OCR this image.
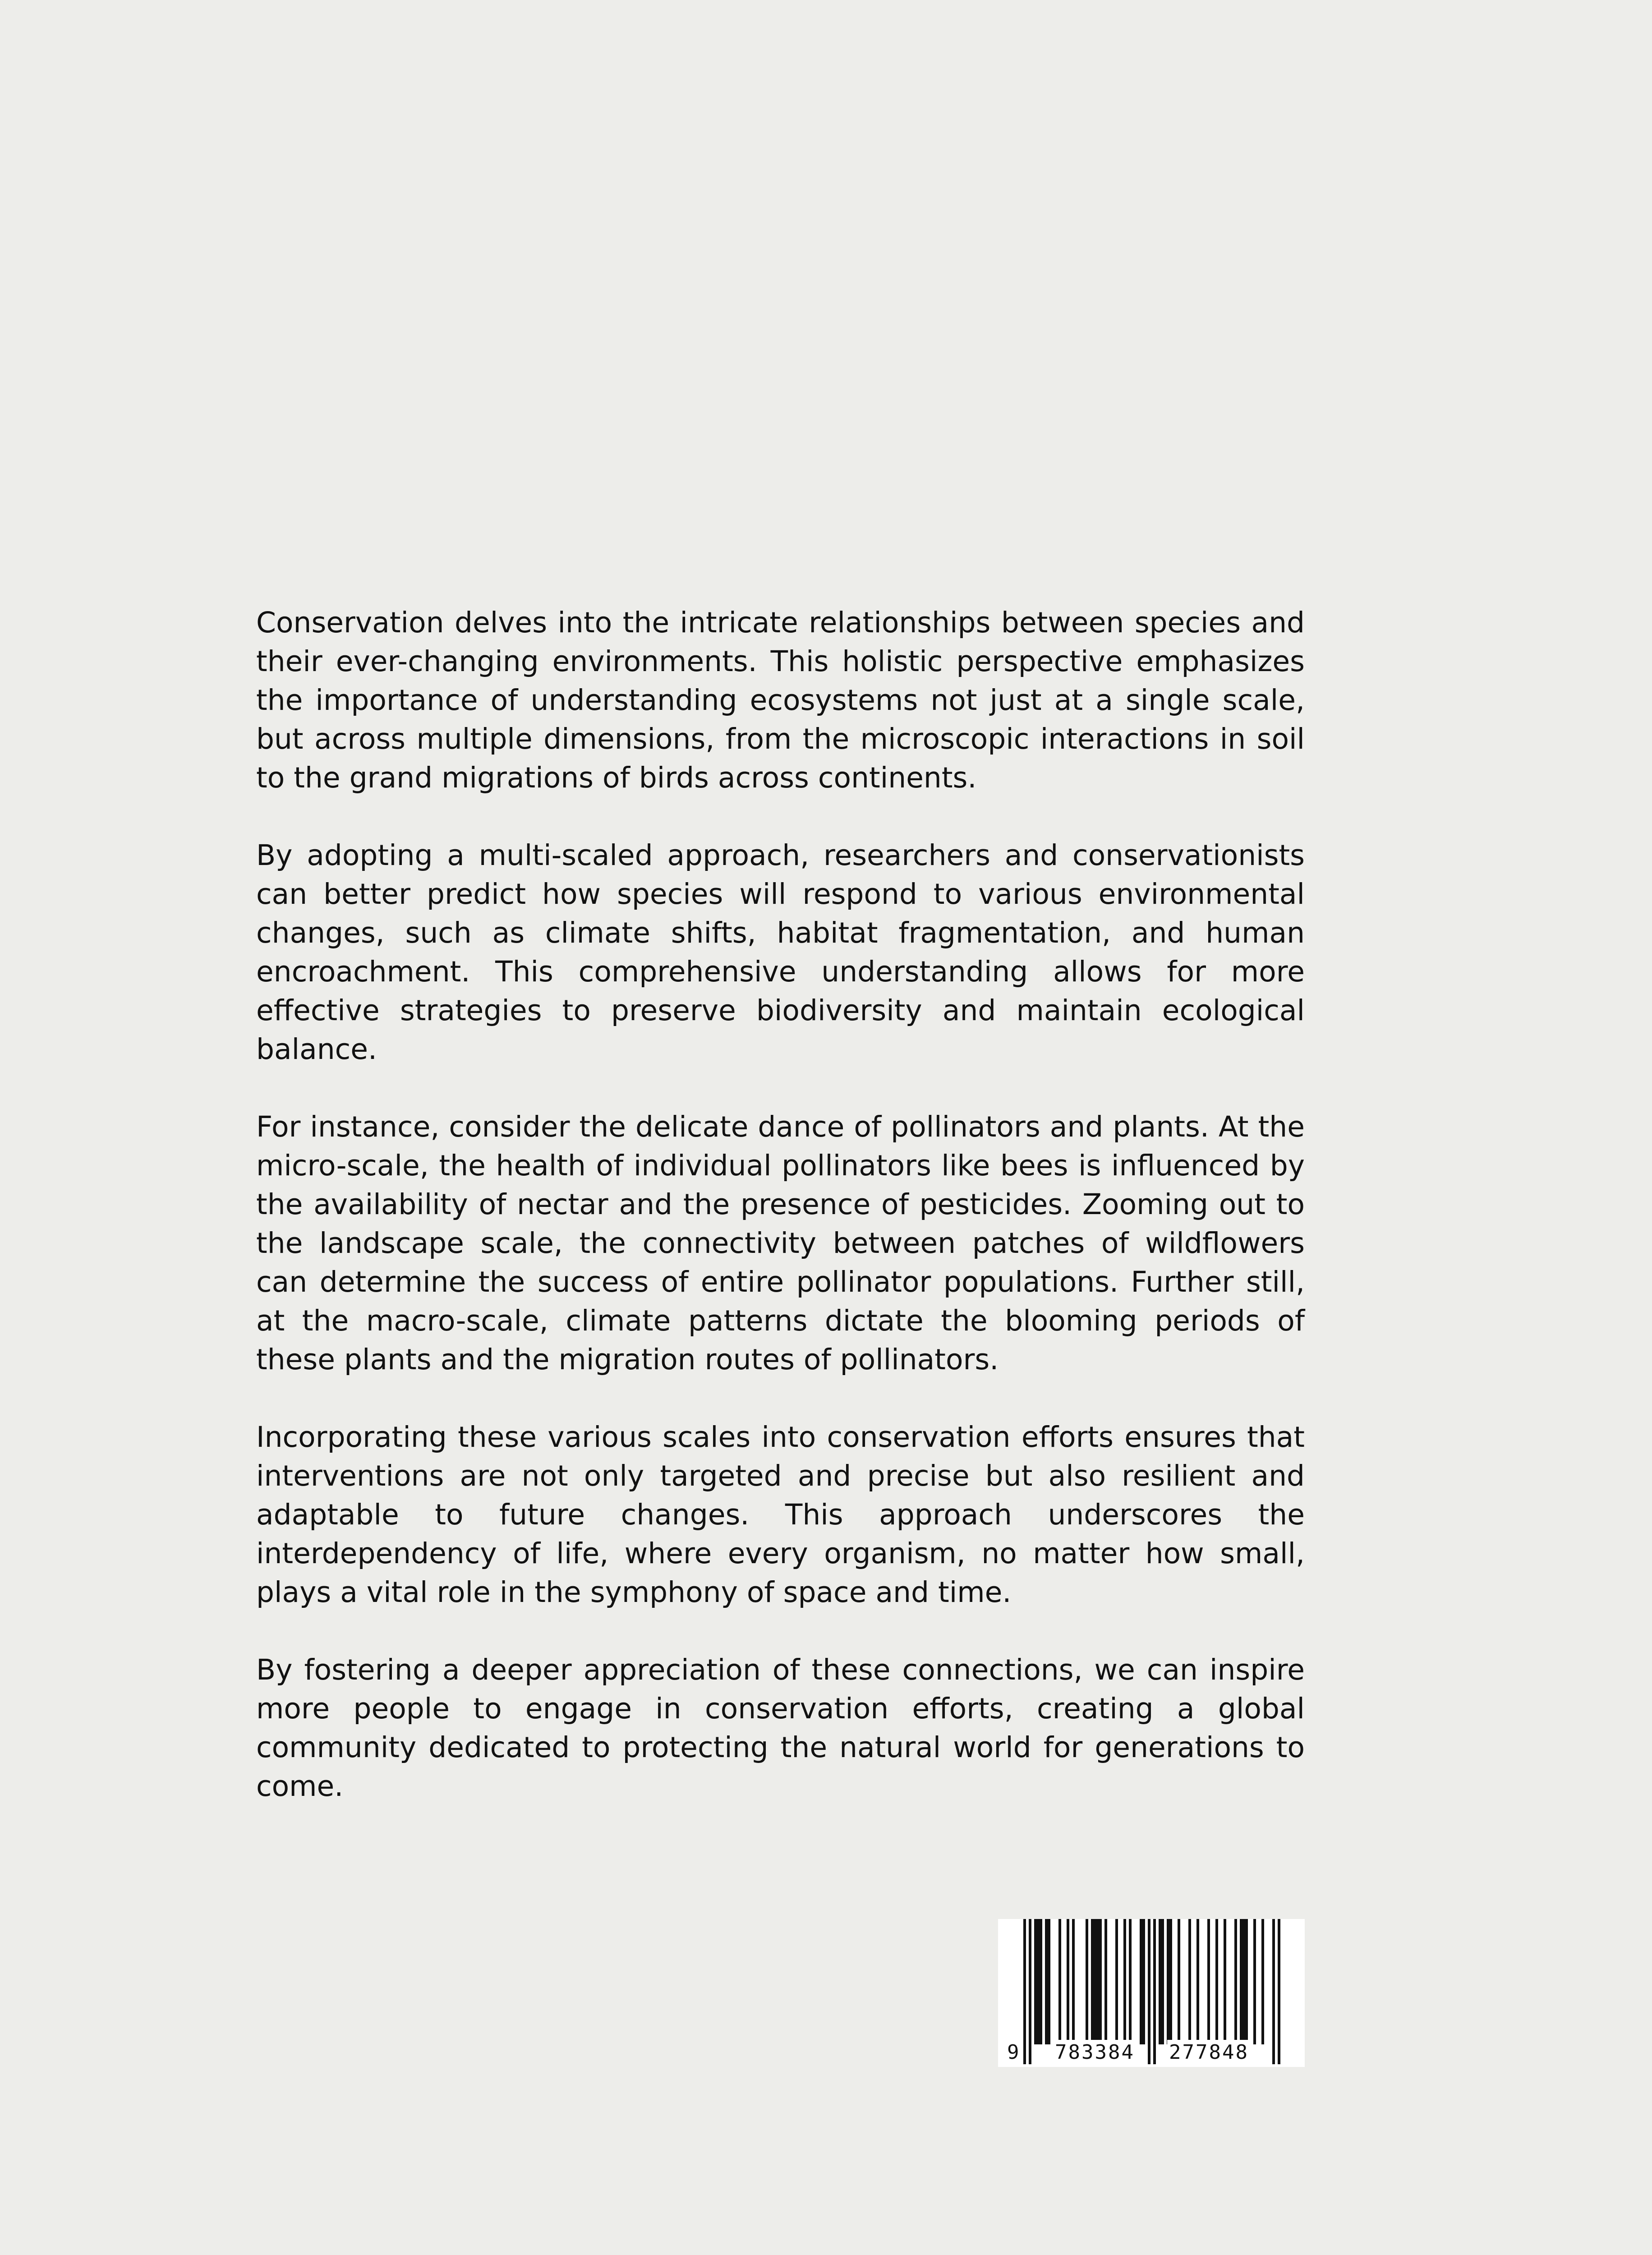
Conservation delves into the intricate relationships between species and their ever-changing environments. This holistic perspective emphasizes the importance of understanding ecosystems not just at a single scale, but across multiple dimensions, from the microscopic interactions in soil to the grand migrations of birds across continents.

By adopting a multi-scaled approach, researchers and conservationists can better predict how species will respond to various environmental changes, such as climate shifts, habitat fragmentation, and human encroachment. This comprehensive understanding allows for more effective strategies to preserve biodiversity and maintain ecological balance.

For instance, consider the delicate dance of pollinators and plants. At the micro-scale, the health of individual pollinators like bees is influenced by the availability of nectar and the presence of pesticides. Zooming out to the landscape scale, the connectivity between patches of wildflowers can determine the success of entire pollinator populations. Further still, at the macro-scale, climate patterns dictate the blooming periods of these plants and the migration routes of pollinators.

Incorporating these various scales into conservation efforts ensures that interventions are not only targeted and precise but also resilient and adaptable to future changes. This approach underscores the interdependency of life, where every organism, no matter how small, plays a vital role in the symphony of space and time.

By fostering a deeper appreciation of these connections, we can inspire more people to engage in conservation efforts, creating a global community dedicated to protecting the natural world for generations to come.

9 783384 277848
